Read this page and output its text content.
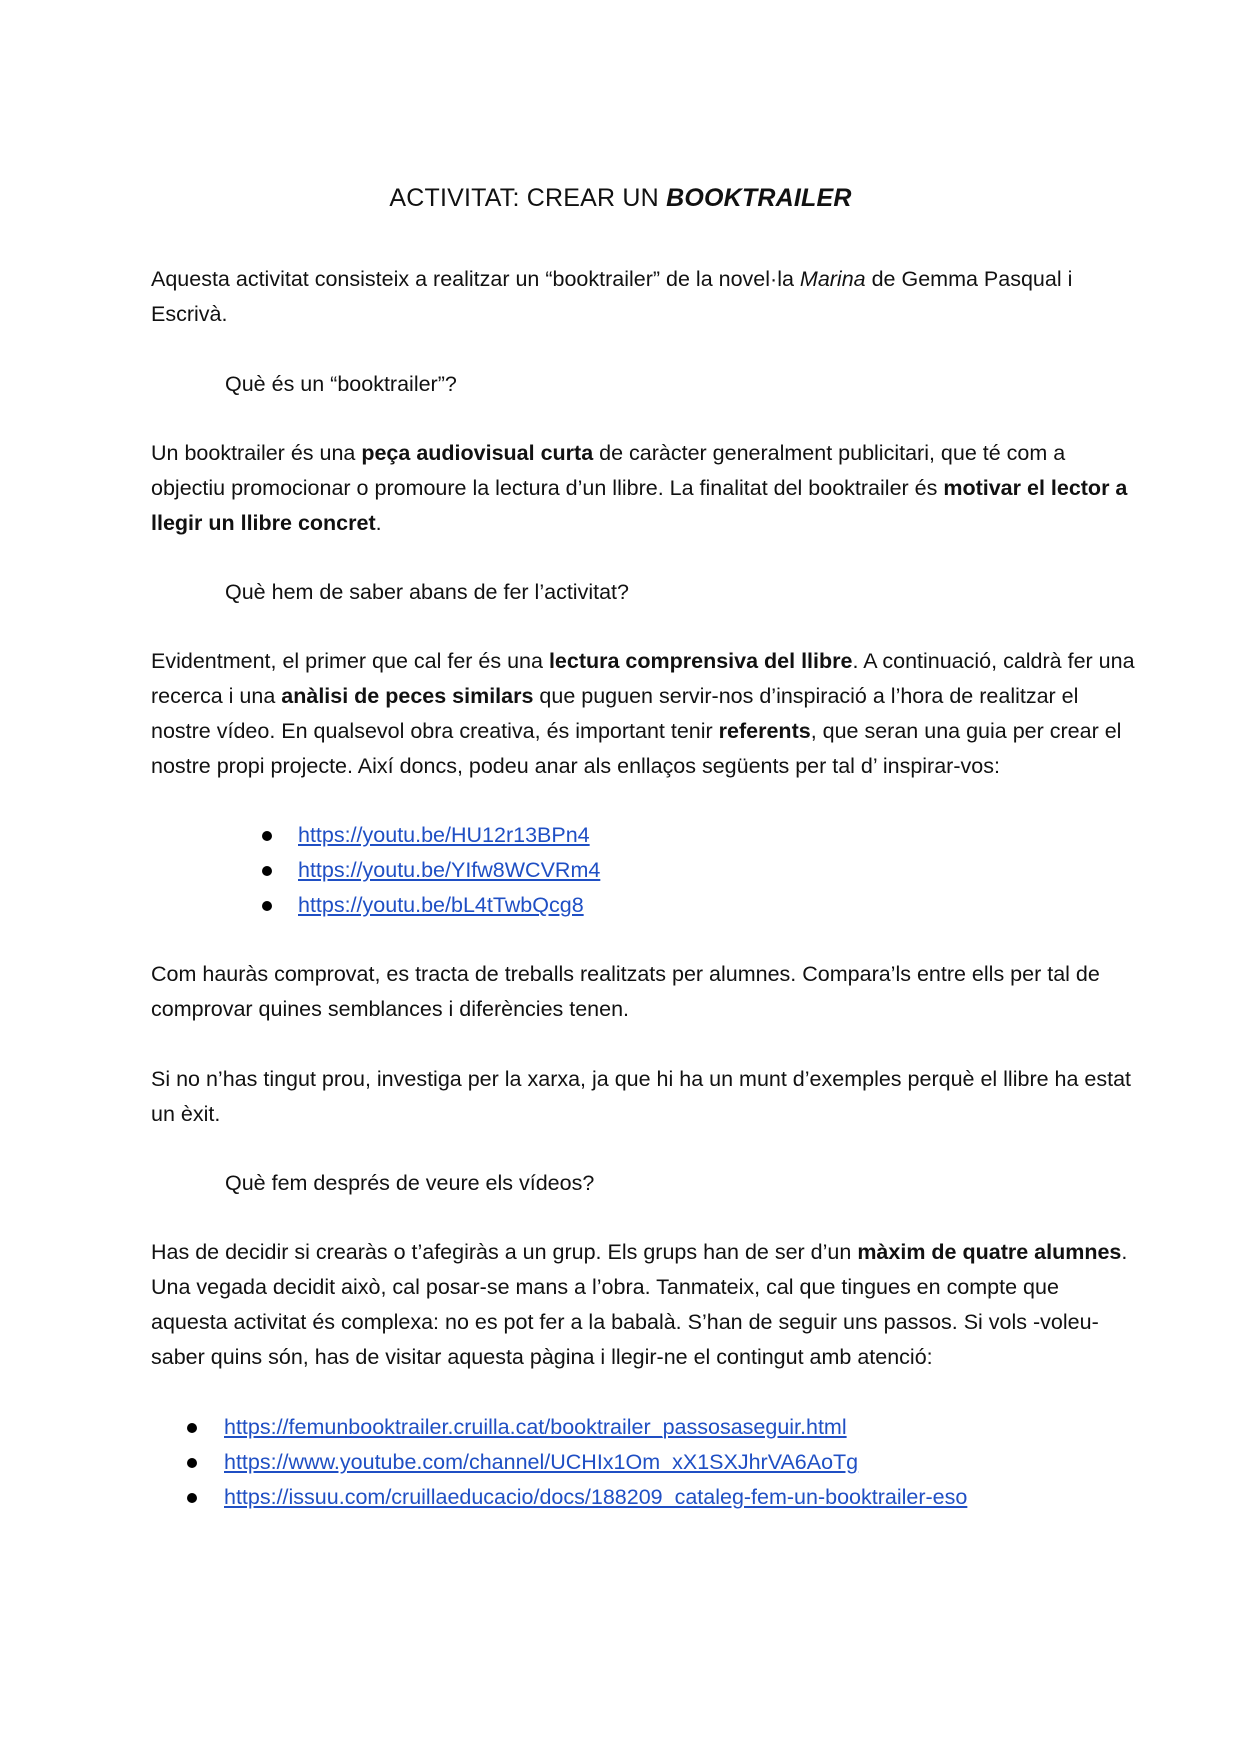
ACTIVITAT: CREAR UN BOOKTRAILER

Aquesta activitat consisteix a realitzar un “booktrailer” de la novel·la Marina de Gemma Pasqual i Escrivà.

Què és un “booktrailer”?

Un booktrailer és una peça audiovisual curta de caràcter generalment publicitari, que té com a objectiu promocionar o promoure la lectura d’un llibre. La finalitat del booktrailer és motivar el lector a llegir un llibre concret.

Què hem de saber abans de fer l’activitat?

Evidentment, el primer que cal fer és una lectura comprensiva del llibre. A continuació, caldrà fer una recerca i una anàlisi de peces similars que puguen servir-nos d’inspiració a l’hora de realitzar el nostre vídeo. En qualsevol obra creativa, és important tenir referents, que seran una guia per crear el nostre propi projecte. Així doncs, podeu anar als enllaços següents per tal d’ inspirar-vos:

https://youtu.be/HU12r13BPn4
https://youtu.be/YIfw8WCVRm4
https://youtu.be/bL4tTwbQcg8

Com hauràs comprovat, es tracta de treballs realitzats per alumnes. Compara’ls entre ells per tal de comprovar quines semblances i diferències tenen.

Si no n’has tingut prou, investiga per la xarxa, ja que hi ha un munt d’exemples perquè el llibre ha estat un èxit.

Què fem després de veure els vídeos?

Has de decidir si crearàs o t’afegiràs a un grup. Els grups han de ser d’un màxim de quatre alumnes. Una vegada decidit això, cal posar-se mans a l’obra. Tanmateix, cal que tingues en compte que aquesta activitat és complexa: no es pot fer a la babalà. S’han de seguir uns passos. Si vols -voleu- saber quins són, has de visitar aquesta pàgina i llegir-ne el contingut amb atenció:

https://femunbooktrailer.cruilla.cat/booktrailer_passosaseguir.html
https://www.youtube.com/channel/UCHIx1Om_xX1SXJhrVA6AoTg
https://issuu.com/cruillaeducacio/docs/188209_cataleg-fem-un-booktrailer-eso
